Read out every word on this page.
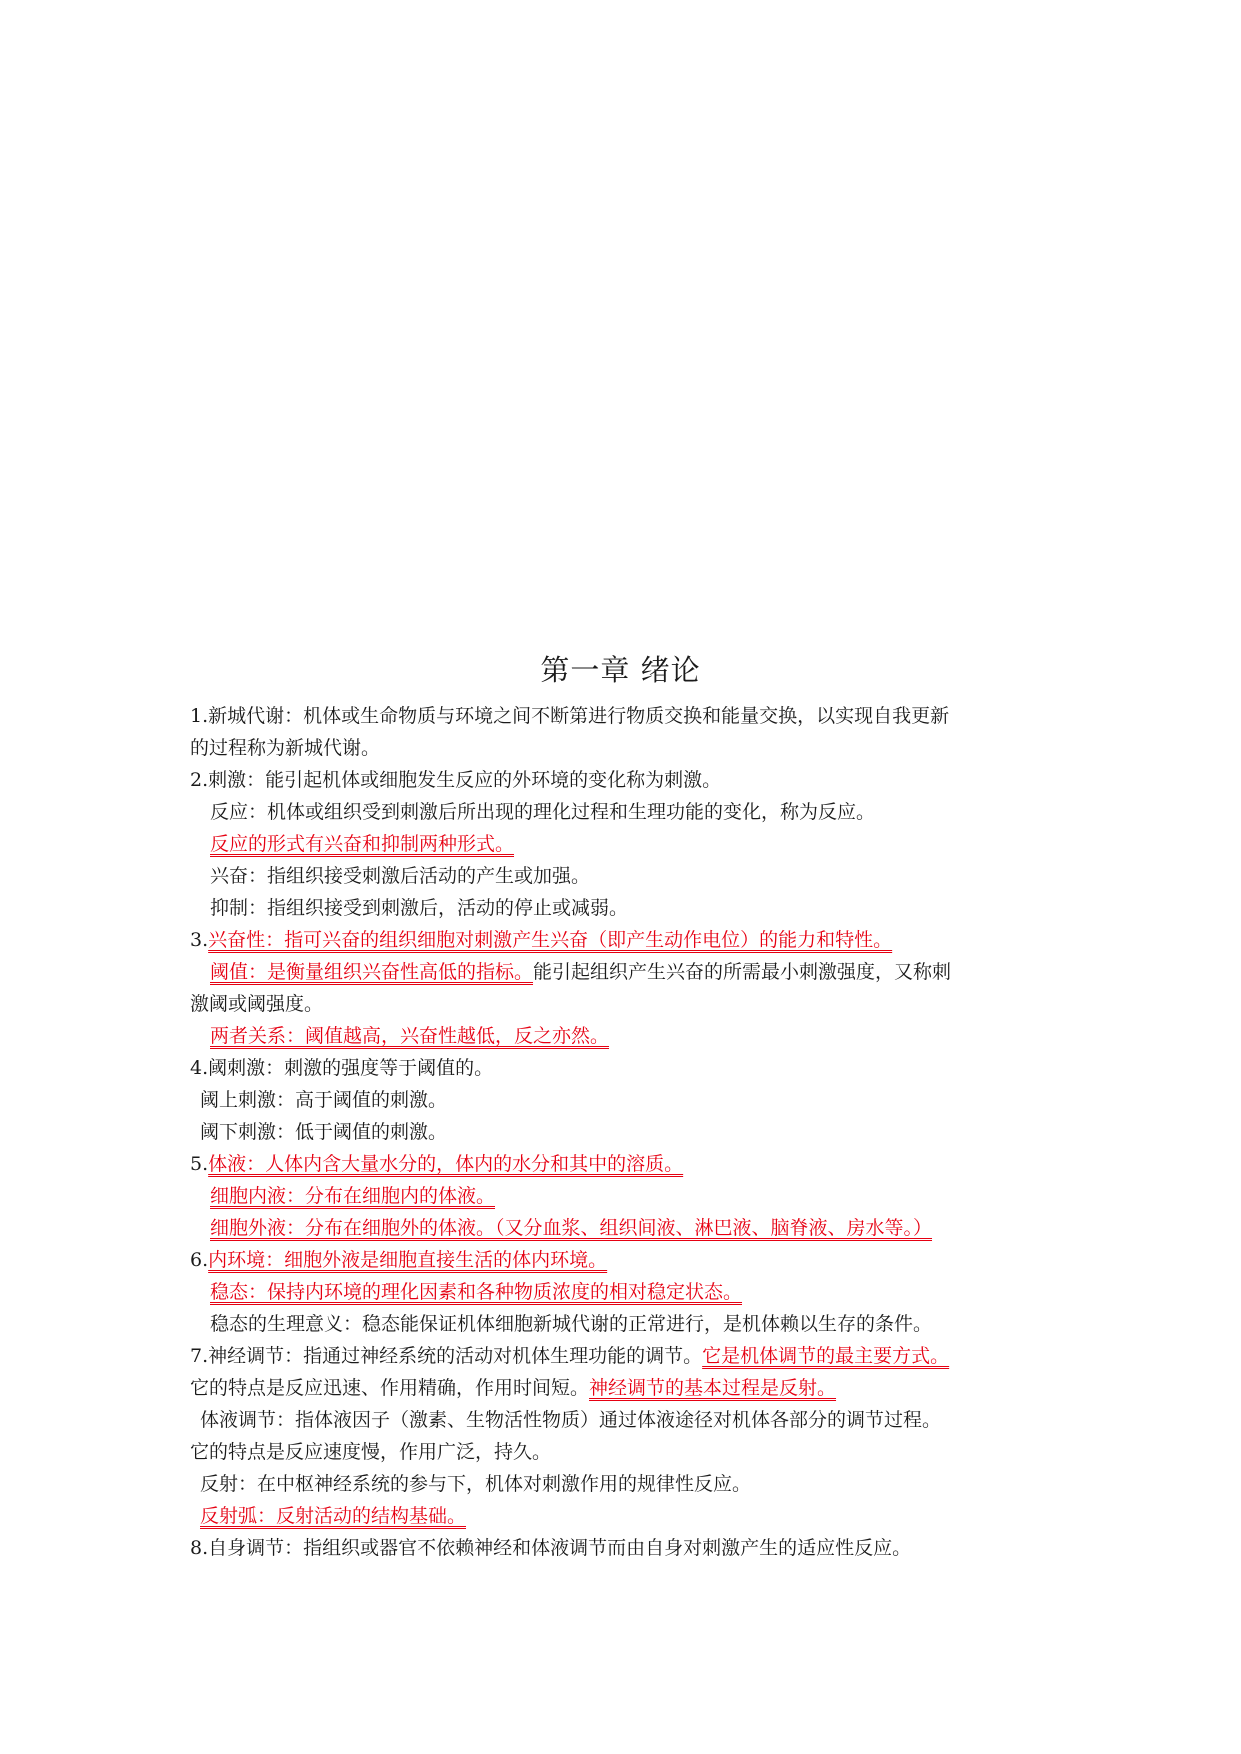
第一章 绪论
1.新城代谢：机体或生命物质与环境之间不断第进行物质交换和能量交换，以实现自我更新
的过程称为新城代谢。
2.刺激：能引起机体或细胞发生反应的外环境的变化称为刺激。
反应：机体或组织受到刺激后所出现的理化过程和生理功能的变化，称为反应。
反应的形式有兴奋和抑制两种形式。
兴奋：指组织接受刺激后活动的产生或加强。
抑制：指组织接受到刺激后，活动的停止或减弱。
3.兴奋性：指可兴奋的组织细胞对刺激产生兴奋（即产生动作电位）的能力和特性。
阈值：是衡量组织兴奋性高低的指标。能引起组织产生兴奋的所需最小刺激强度，又称刺
激阈或阈强度。
两者关系：阈值越高，兴奋性越低，反之亦然。
4.阈刺激：刺激的强度等于阈值的。
阈上刺激：高于阈值的刺激。
阈下刺激：低于阈值的刺激。
5.体液：人体内含大量水分的，体内的水分和其中的溶质。
细胞内液：分布在细胞内的体液。
细胞外液：分布在细胞外的体液。（又分血浆、组织间液、淋巴液、脑脊液、房水等。）
6.内环境：细胞外液是细胞直接生活的体内环境。
稳态：保持内环境的理化因素和各种物质浓度的相对稳定状态。
稳态的生理意义：稳态能保证机体细胞新城代谢的正常进行，是机体赖以生存的条件。
7.神经调节：指通过神经系统的活动对机体生理功能的调节。它是机体调节的最主要方式。
它的特点是反应迅速、作用精确，作用时间短。神经调节的基本过程是反射。
体液调节：指体液因子（激素、生物活性物质）通过体液途径对机体各部分的调节过程。
它的特点是反应速度慢，作用广泛，持久。
反射：在中枢神经系统的参与下，机体对刺激作用的规律性反应。
反射弧：反射活动的结构基础。
8.自身调节：指组织或器官不依赖神经和体液调节而由自身对刺激产生的适应性反应。
